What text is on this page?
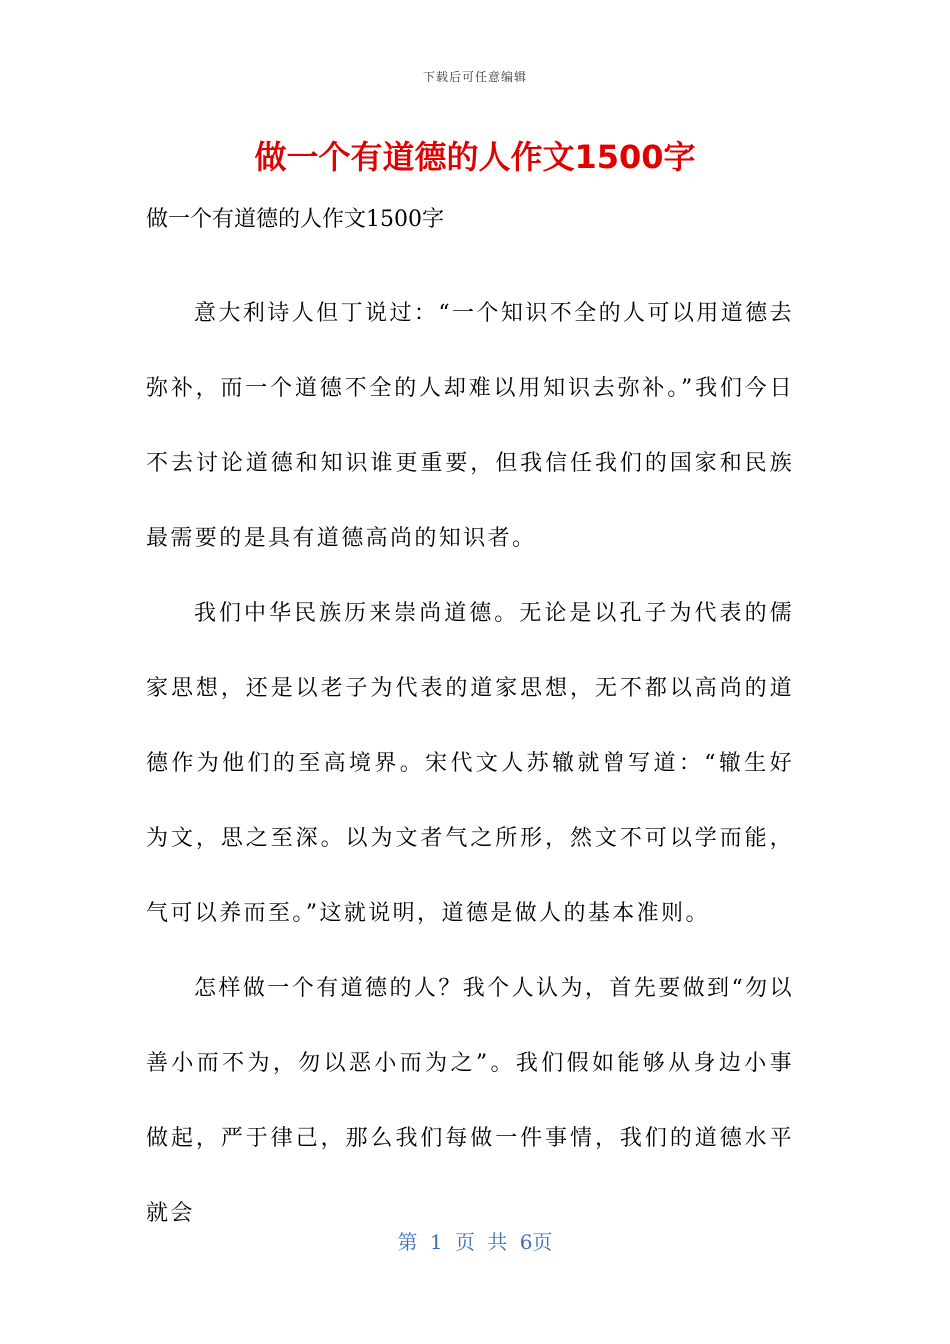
下载后可任意编辑
做一个有道德的人作文1500字

做一个有道德的人作文1500字

意大利诗人但丁说过：“一个知识不全的人可以用道德去弥补，而一个道德不全的人却难以用知识去弥补。”我们今日不去讨论道德和知识谁更重要，但我信任我们的国家和民族最需要的是具有道德高尚的知识者。

我们中华民族历来崇尚道德。无论是以孔子为代表的儒家思想，还是以老子为代表的道家思想，无不都以高尚的道德作为他们的至高境界。宋代文人苏辙就曾写道：“辙生好为文，思之至深。以为文者气之所形，然文不可以学而能，气可以养而至。”这就说明，道德是做人的基本准则。

怎样做一个有道德的人？我个人认为，首先要做到“勿以善小而不为，勿以恶小而为之”。我们假如能够从身边小事做起，严于律己，那么我们每做一件事情，我们的道德水平就会

第 1 页 共 6页
